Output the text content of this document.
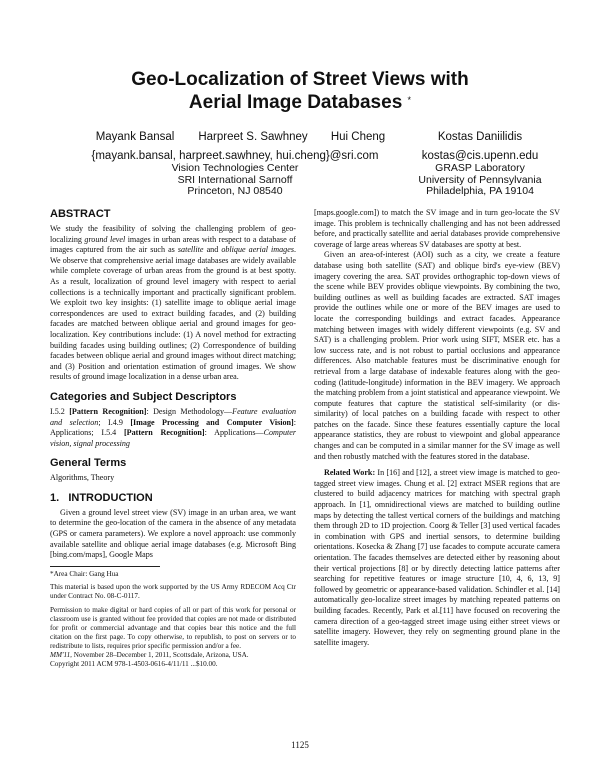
Geo-Localization of Street Views with
Aerial Image Databases *
Mayank Bansal	Harpreet S. Sawhney	Hui Cheng	Kostas Daniilidis
{mayank.bansal, harpreet.sawhney, hui.cheng}@sri.com
Vision Technologies Center
SRI International Sarnoff
Princeton, NJ 08540
kostas@cis.upenn.edu
GRASP Laboratory
University of Pennsylvania
Philadelphia, PA 19104
ABSTRACT

We study the feasibility of solving the challenging problem of geo-localizing ground level images in urban areas with respect to a database of images captured from the air such as satellite and oblique aerial images. We observe that comprehensive aerial image databases are widely available while complete coverage of urban areas from the ground is at best spotty. As a result, localization of ground level imagery with respect to aerial collections is a technically important and practically significant problem. We exploit two key insights: (1) satellite image to oblique aerial image correspondences are used to extract building facades, and (2) building facades are matched between oblique aerial and ground images for geo-localization. Key contributions include: (1) A novel method for extracting building facades using building outlines; (2) Correspondence of building facades between oblique aerial and ground images without direct matching; and (3) Position and orientation estimation of ground images. We show results of ground image localization in a dense urban area.

Categories and Subject Descriptors

I.5.2 [Pattern Recognition]: Design Methodology—Feature evaluation and selection; I.4.9 [Image Processing and Computer Vision]: Applications; I.5.4 [Pattern Recognition]: Applications—Computer vision, signal processing

General Terms

Algorithms, Theory

1.   INTRODUCTION

Given a ground level street view (SV) image in an urban area, we want to determine the geo-location of the camera in the absence of any metadata (GPS or camera parameters). We explore a novel approach: use commonly available satellite and oblique aerial image databases (e.g. Microsoft Bing [bing.com/maps], Google Maps

*Area Chair: Gang Hua

This material is based upon the work supported by the US Army RDECOM Acq Ctr under Contract No. 08-C-0117.

Permission to make digital or hard copies of all or part of this work for personal or classroom use is granted without fee provided that copies are not made or distributed for profit or commercial advantage and that copies bear this notice and the full citation on the first page. To copy otherwise, to republish, to post on servers or to redistribute to lists, requires prior specific permission and/or a fee.

MM'11, November 28–December 1, 2011, Scottsdale, Arizona, USA.

Copyright 2011 ACM 978-1-4503-0616-4/11/11 ...$10.00.

[maps.google.com]) to match the SV image and in turn geo-locate the SV image. This problem is technically challenging and has not been addressed before, and practically satellite and aerial databases provide comprehensive coverage of large areas whereas SV databases are spotty at best.

Given an area-of-interest (AOI) such as a city, we create a feature database using both satellite (SAT) and oblique bird's eye-view (BEV) imagery covering the area. SAT provides orthographic top-down views of the scene while BEV provides oblique viewpoints. By combining the two, building outlines as well as building facades are extracted. SAT images provide the outlines while one or more of the BEV images are used to locate the corresponding buildings and extract facades. Appearance matching between images with widely different viewpoints (e.g. SV and SAT) is a challenging problem. Prior work using SIFT, MSER etc. has a low success rate, and is not robust to partial occlusions and appearance differences. Also matchable features must be discriminative enough for retrieval from a large database of indexable features along with the geo-coding (latitude-longitude) information in the BEV imagery. We approach the matching problem from a joint statistical and appearance viewpoint. We compute features that capture the statistical self-similarity (or dis-similarity) of local patches on a building facade with respect to other patches on the facade. Since these features essentially capture the local appearance statistics, they are robust to viewpoint and global appearance changes and can be computed in a similar manner for the SV image as well and then robustly matched with the features stored in the database.

Related Work: In [16] and [12], a street view image is matched to geo-tagged street view images. Chung et al. [2] extract MSER regions that are clustered to build adjacency matrices for matching with spectral graph approach. In [1], omnidirectional views are matched to building outline maps by detecting the tallest vertical corners of the buildings and matching them through 2D to 1D projection. Coorg & Teller [3] used vertical facades in combination with GPS and inertial sensors, to determine building orientations. Kosecka & Zhang [7] use facades to compute accurate camera orientation. The facades themselves are detected either by reasoning about their vertical projections [8] or by directly detecting lattice patterns after searching for repetitive features or image structure [10, 4, 6, 13, 9] followed by geometric or appearance-based validation. Schindler et al. [14] automatically geo-localize street images by matching repeated patterns on building facades. Recently, Park et al.[11] have focused on recovering the camera direction of a geo-tagged street image using either street views or satellite imagery. However, they rely on segmenting ground plane in the satellite imagery.

1125
